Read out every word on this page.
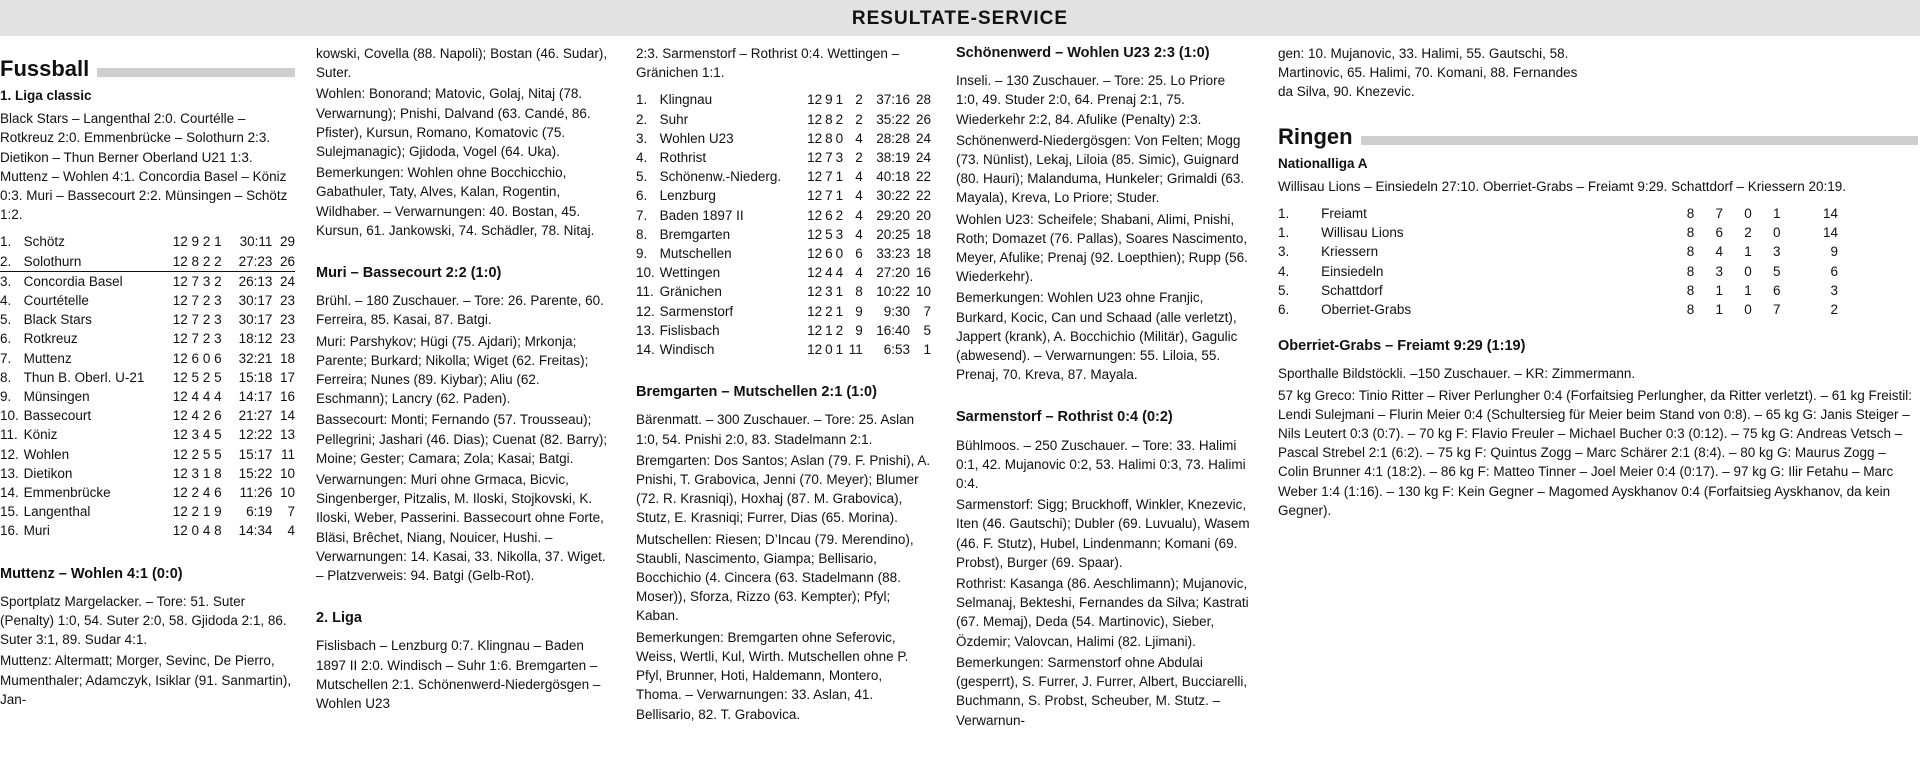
RESULTATE-SERVICE
Fussball
1. Liga classic

Black Stars – Langenthal 2:0. Courtélle – Rotkreuz 2:0. Emmenbrücke – Solothurn 2:3. Dietikon – Thun Berner Oberland U21 1:3. Muttenz – Wohlen 4:1. Concordia Basel – Köniz 0:3. Muri – Bassecourt 2:2. Münsingen – Schötz 1:2.

1.	Schötz	12	9	2	1	30:11	29
2.	Solothurn	12	8	2	2	27:23	26
3.	Concordia Basel	12	7	3	2	26:13	24
4.	Courtételle	12	7	2	3	30:17	23
5.	Black Stars	12	7	2	3	30:17	23
6.	Rotkreuz	12	7	2	3	18:12	23
7.	Muttenz	12	6	0	6	32:21	18
8.	Thun B. Oberl. U-21	12	5	2	5	15:18	17
9.	Münsingen	12	4	4	4	14:17	16
10.	Bassecourt	12	4	2	6	21:27	14
11.	Köniz	12	3	4	5	12:22	13
12.	Wohlen	12	2	5	5	15:17	11
13.	Dietikon	12	3	1	8	15:22	10
14.	Emmenbrücke	12	2	4	6	11:26	10
15.	Langenthal	12	2	1	9	6:19	7
16.	Muri	12	0	4	8	14:34	4
Muttenz – Wohlen 4:1 (0:0)

Sportplatz Margelacker. – Tore: 51. Suter (Penalty) 1:0, 54. Suter 2:0, 58. Gjidoda 2:1, 86. Suter 3:1, 89. Sudar 4:1.

Muttenz: Altermatt; Morger, Sevinc, De Pierro, Mumenthaler; Adamczyk, Isiklar (91. Sanmartin), Jan-

kowski, Covella (88. Napoli); Bostan (46. Sudar), Suter.

Wohlen: Bonorand; Matovic, Golaj, Nitaj (78. Verwarnung); Pnishi, Dalvand (63. Candé, 86. Pfister), Kursun, Romano, Komatovic (75. Sulejmanagic); Gjidoda, Vogel (64. Uka).

Bemerkungen: Wohlen ohne Bocchicchio, Gabathuler, Taty, Alves, Kalan, Rogentin, Wildhaber. – Verwarnungen: 40. Bostan, 45. Kursun, 61. Jankowski, 74. Schädler, 78. Nitaj.

Muri – Bassecourt 2:2 (1:0)

Brühl. – 180 Zuschauer. – Tore: 26. Parente, 60. Ferreira, 85. Kasai, 87. Batgi.

Muri: Parshykov; Hügi (75. Ajdari); Mrkonja; Parente; Burkard; Nikolla; Wiget (62. Freitas); Ferreira; Nunes (89. Kiybar); Aliu (62. Eschmann); Lancry (62. Paden).

Bassecourt: Monti; Fernando (57. Trousseau); Pellegrini; Jashari (46. Dias); Cuenat (82. Barry); Moine; Gester; Camara; Zola; Kasai; Batgi.

Verwarnungen: Muri ohne Grmaca, Bicvic, Singenberger, Pitzalis, M. Iloski, Stojkovski, K. Iloski, Weber, Passerini. Bassecourt ohne Forte, Bläsi, Brêchet, Niang, Nouicer, Hushi. – Verwarnungen: 14. Kasai, 33. Nikolla, 37. Wiget. – Platzverweis: 94. Batgi (Gelb-Rot).

2. Liga

Fislisbach – Lenzburg 0:7. Klingnau – Baden 1897 II 2:0. Windisch – Suhr 1:6. Bremgarten – Mutschellen 2:1. Schönenwerd-Niedergösgen – Wohlen U23

2:3. Sarmenstorf – Rothrist 0:4. Wettingen – Gränichen 1:1.

1.	Klingnau	12	9	1	2	37:16	28
2.	Suhr	12	8	2	2	35:22	26
3.	Wohlen U23	12	8	0	4	28:28	24
4.	Rothrist	12	7	3	2	38:19	24
5.	Schönenw.-Niederg.	12	7	1	4	40:18	22
6.	Lenzburg	12	7	1	4	30:22	22
7.	Baden 1897 II	12	6	2	4	29:20	20
8.	Bremgarten	12	5	3	4	20:25	18
9.	Mutschellen	12	6	0	6	33:23	18
10.	Wettingen	12	4	4	4	27:20	16
11.	Gränichen	12	3	1	8	10:22	10
12.	Sarmenstorf	12	2	1	9	9:30	7
13.	Fislisbach	12	1	2	9	16:40	5
14.	Windisch	12	0	1	11	6:53	1
Bremgarten – Mutschellen 2:1 (1:0)

Bärenmatt. – 300 Zuschauer. – Tore: 25. Aslan 1:0, 54. Pnishi 2:0, 83. Stadelmann 2:1.

Bremgarten: Dos Santos; Aslan (79. F. Pnishi), A. Pnishi, T. Grabovica, Jenni (70. Meyer); Blumer (72. R. Krasniqi), Hoxhaj (87. M. Grabovica), Stutz, E. Krasniqi; Furrer, Dias (65. Morina).

Mutschellen: Riesen; D’Incau (79. Merendino), Staubli, Nascimento, Giampa; Bellisario, Bocchichio (4. Cincera (63. Stadelmann (88. Moser)), Sforza, Rizzo (63. Kempter); Pfyl; Kaban.

Bemerkungen: Bremgarten ohne Seferovic, Weiss, Wertli, Kul, Wirth. Mutschellen ohne P. Pfyl, Brunner, Hoti, Haldemann, Montero, Thoma. – Verwarnungen: 33. Aslan, 41. Bellisario, 82. T. Grabovica.

Schönenwerd – Wohlen U23 2:3 (1:0)

Inseli. – 130 Zuschauer. – Tore: 25. Lo Priore 1:0, 49. Studer 2:0, 64. Prenaj 2:1, 75. Wiederkehr 2:2, 84. Afulike (Penalty) 2:3.

Schönenwerd-Niedergösgen: Von Felten; Mogg (73. Nünlist), Lekaj, Liloia (85. Simic), Guignard (80. Hauri); Malanduma, Hunkeler; Grimaldi (63. Mayala), Kreva, Lo Priore; Studer.

Wohlen U23: Scheifele; Shabani, Alimi, Pnishi, Roth; Domazet (76. Pallas), Soares Nascimento, Meyer, Afulike; Prenaj (92. Loepthien); Rupp (56. Wiederkehr).

Bemerkungen: Wohlen U23 ohne Franjic, Burkard, Kocic, Can und Schaad (alle verletzt), Jappert (krank), A. Bocchichio (Militär), Gagulic (abwesend). – Verwarnungen: 55. Liloia, 55. Prenaj, 70. Kreva, 87. Mayala.

Sarmenstorf – Rothrist 0:4 (0:2)

Bühlmoos. – 250 Zuschauer. – Tore: 33. Halimi 0:1, 42. Mujanovic 0:2, 53. Halimi 0:3, 73. Halimi 0:4.

Sarmenstorf: Sigg; Bruckhoff, Winkler, Knezevic, Iten (46. Gautschi); Dubler (69. Luvualu), Wasem (46. F. Stutz), Hubel, Lindenmann; Komani (69. Probst), Burger (69. Spaar).

Rothrist: Kasanga (86. Aeschlimann); Mujanovic, Selmanaj, Bekteshi, Fernandes da Silva; Kastrati (67. Memaj), Deda (54. Martinovic), Sieber, Özdemir; Valovcan, Halimi (82. Ljimani).

Bemerkungen: Sarmenstorf ohne Abdulai (gesperrt), S. Furrer, J. Furrer, Albert, Bucciarelli, Buchmann, S. Probst, Scheuber, M. Stutz. – Verwarnun-

gen: 10. Mujanovic, 33. Halimi, 55. Gautschi, 58. Martinovic, 65. Halimi, 70. Komani, 88. Fernandes da Silva, 90. Knezevic.

Ringen
Nationalliga A

Willisau Lions – Einsiedeln 27:10. Oberriet-Grabs – Freiamt 9:29. Schattdorf – Kriessern 20:19.

1.	Freiamt	8	7	0	1	14
1.	Willisau Lions	8	6	2	0	14
3.	Kriessern	8	4	1	3	9
4.	Einsiedeln	8	3	0	5	6
5.	Schattdorf	8	1	1	6	3
6.	Oberriet-Grabs	8	1	0	7	2
Oberriet-Grabs – Freiamt 9:29 (1:19)

Sporthalle Bildstöckli. –150 Zuschauer. – KR: Zimmermann.

57 kg Greco: Tinio Ritter – River Perlungher 0:4 (Forfaitsieg Perlungher, da Ritter verletzt). – 61 kg Freistil: Lendi Sulejmani – Flurin Meier 0:4 (Schultersieg für Meier beim Stand von 0:8). – 65 kg G: Janis Steiger – Nils Leutert 0:3 (0:7). – 70 kg F: Flavio Freuler – Michael Bucher 0:3 (0:12). – 75 kg G: Andreas Vetsch – Pascal Strebel 2:1 (6:2). – 75 kg F: Quintus Zogg – Marc Schärer 2:1 (8:4). – 80 kg G: Maurus Zogg – Colin Brunner 4:1 (18:2). – 86 kg F: Matteo Tinner – Joel Meier 0:4 (0:17). – 97 kg G: Ilir Fetahu – Marc Weber 1:4 (1:16). – 130 kg F: Kein Gegner – Magomed Ayskhanov 0:4 (Forfaitsieg Ayskhanov, da kein Gegner).
